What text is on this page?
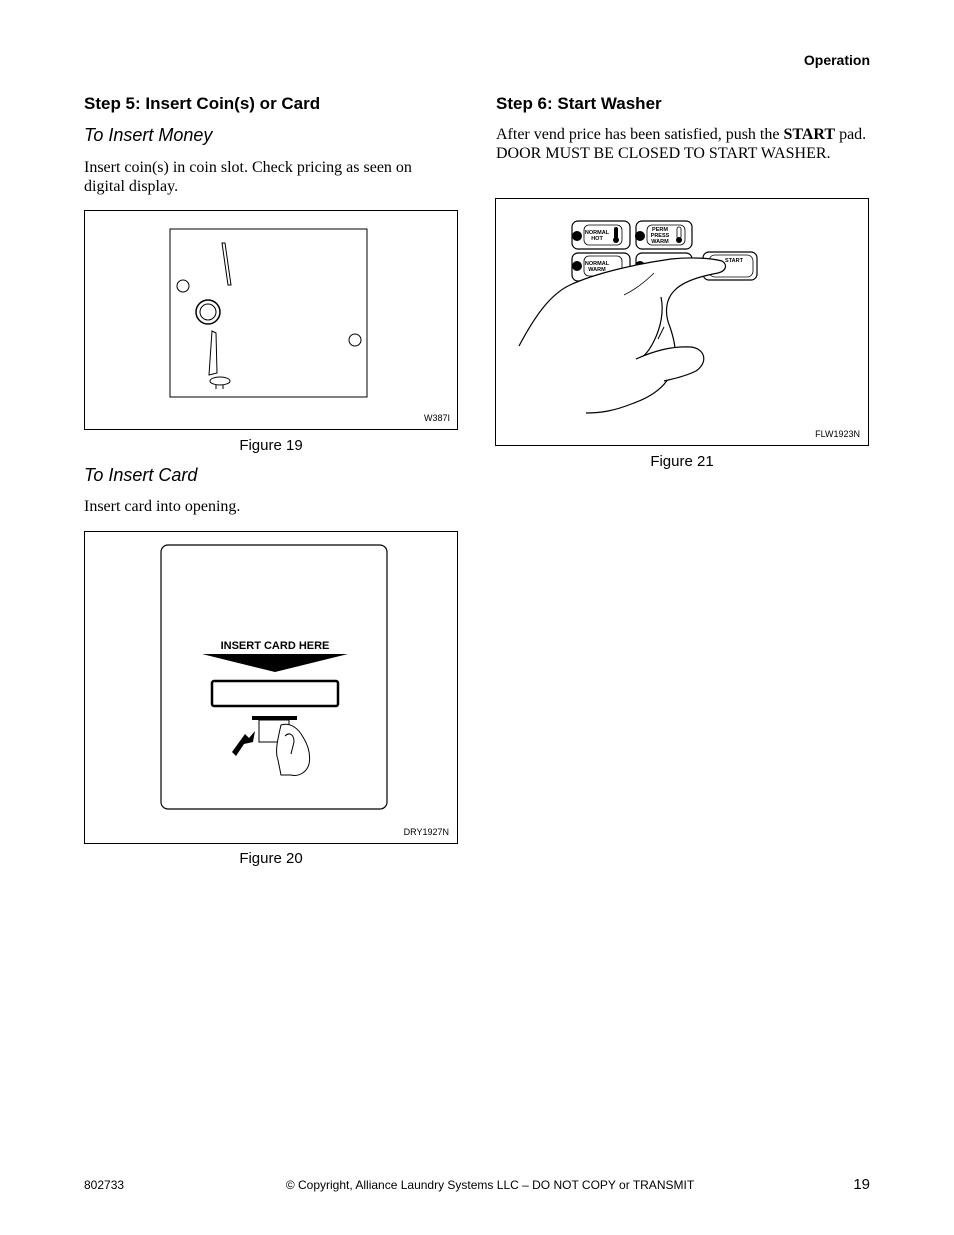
Operation
Step 5: Insert Coin(s) or Card
To Insert Money

Insert coin(s) in coin slot. Check pricing as seen on digital display.

W387I
Figure 19
To Insert Card

Insert card into opening.

INSERT CARD HERE
DRY1927N
Figure 20
Step 6: Start Washer

After vend price has been satisfied, push the START pad. DOOR MUST BE CLOSED TO START WASHER.

NORMAL
HOT
PERM
PRESS
WARM
NORMAL
WARM
START
FLW1923N
Figure 21
802733	© Copyright, Alliance Laundry Systems LLC – DO NOT COPY or TRANSMIT	19
